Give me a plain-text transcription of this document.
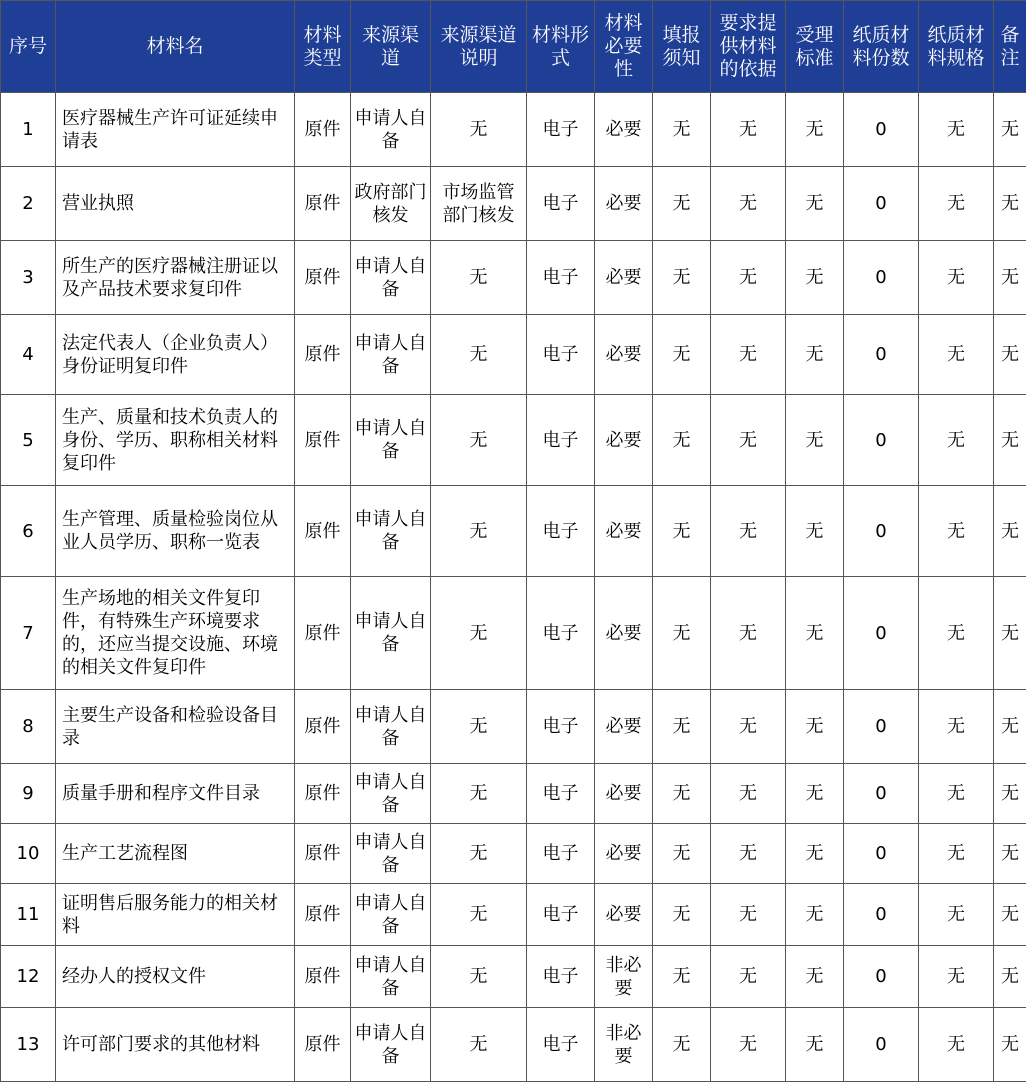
序号	材料名	材料类型	来源渠道	来源渠道说明	材料形式	材料必要性	填报须知	要求提供材料的依据	受理标准	纸质材料份数	纸质材料规格	备注
1	医疗器械生产许可证延续申请表	原件	申请人自备	无	电子	必要	无	无	无	0	无	无
2	营业执照	原件	政府部门核发	市场监管部门核发	电子	必要	无	无	无	0	无	无
3	所生产的医疗器械注册证以及产品技术要求复印件	原件	申请人自备	无	电子	必要	无	无	无	0	无	无
4	法定代表人（企业负责人）身份证明复印件	原件	申请人自备	无	电子	必要	无	无	无	0	无	无
5	生产、质量和技术负责人的身份、学历、职称相关材料复印件	原件	申请人自备	无	电子	必要	无	无	无	0	无	无
6	生产管理、质量检验岗位从业人员学历、职称一览表	原件	申请人自备	无	电子	必要	无	无	无	0	无	无
7	生产场地的相关文件复印件，有特殊生产环境要求的，还应当提交设施、环境的相关文件复印件	原件	申请人自备	无	电子	必要	无	无	无	0	无	无
8	主要生产设备和检验设备目录	原件	申请人自备	无	电子	必要	无	无	无	0	无	无
9	质量手册和程序文件目录	原件	申请人自备	无	电子	必要	无	无	无	0	无	无
10	生产工艺流程图	原件	申请人自备	无	电子	必要	无	无	无	0	无	无
11	证明售后服务能力的相关材料	原件	申请人自备	无	电子	必要	无	无	无	0	无	无
12	经办人的授权文件	原件	申请人自备	无	电子	非必要	无	无	无	0	无	无
13	许可部门要求的其他材料	原件	申请人自备	无	电子	非必要	无	无	无	0	无	无
